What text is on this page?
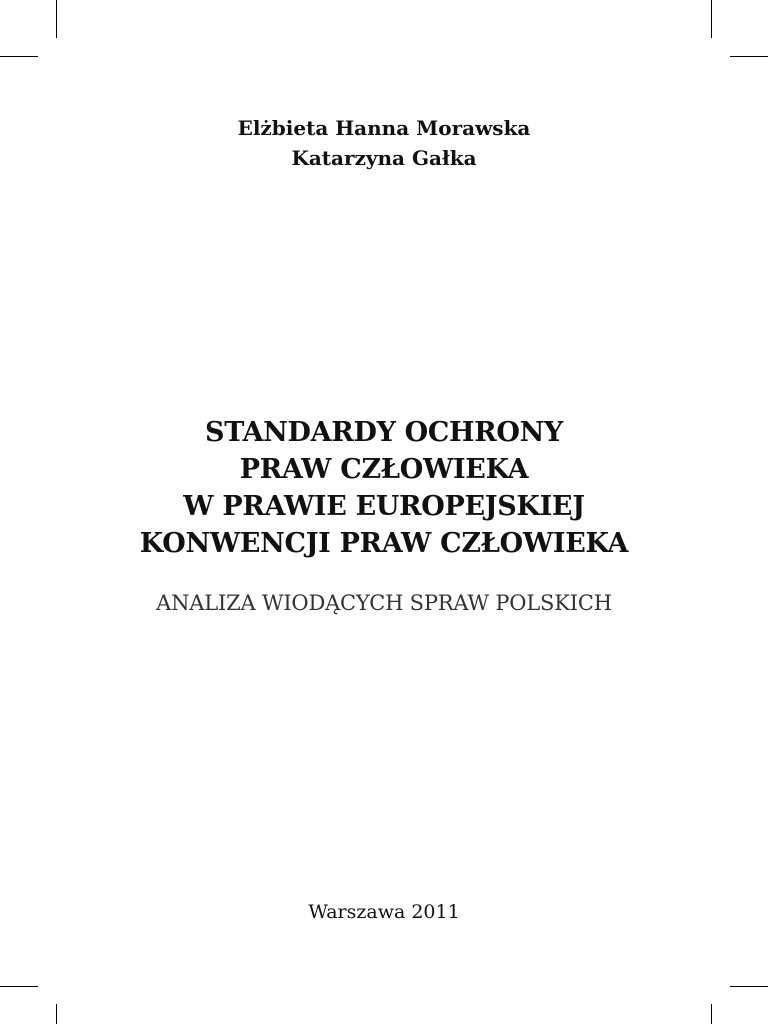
Elżbieta Hanna Morawska
Katarzyna Gałka
STANDARDY OCHRONY
PRAW CZŁOWIEKA
W PRAWIE EUROPEJSKIEJ
KONWENCJI PRAW CZŁOWIEKA
ANALIZA WIODĄCYCH SPRAW POLSKICH
Warszawa 2011
